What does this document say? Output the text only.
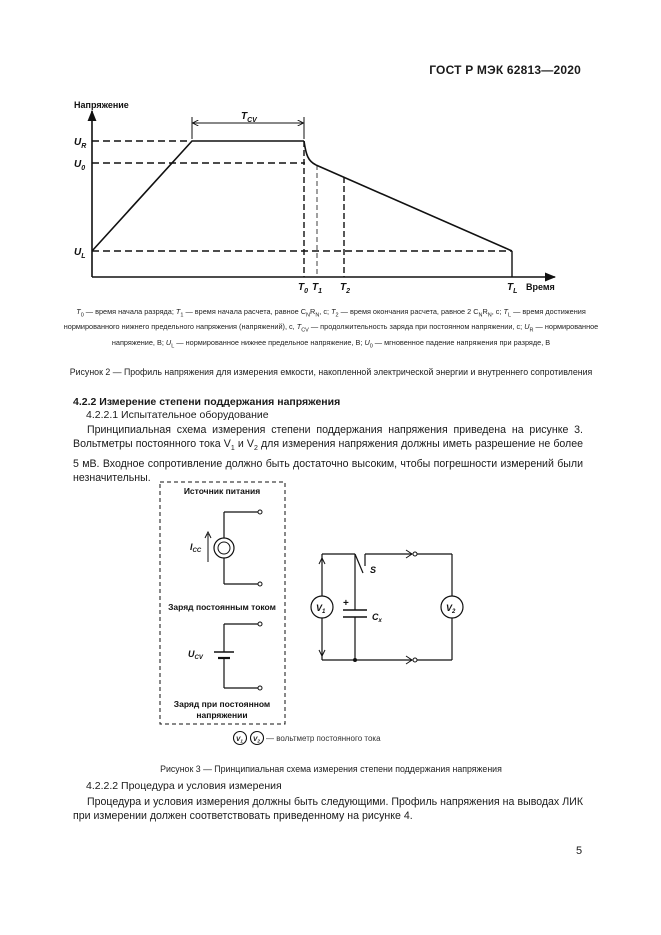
ГОСТ Р МЭК 62813—2020
Напряжение
Время
$T_{CV}$
$U_R$
$U_0$
$U_L$
$T_0$ $T_1$ $T_2$	$T_L$
$T_0$ — время начала разряда; $T_1$ — время начала расчета, равное $C_NR_N$, с; $T_2$ — время окончания расчета, равное 2 $C_NR_N$, с; $T_L$ — время достижения нормированного нижнего предельного напряжения (напряжений), с, $T_{CV}$ — продолжительность заряда при постоянном напряжении, с; $U_R$ — нормированное напряжение, В; $U_L$ — нормированное нижнее предельное напряжение, В; $U_0$ — мгновенное падение напряжения при разряде, В
Рисунок 2 — Профиль напряжения для измерения емкости, накопленной электрической энергии и внутреннего сопротивления
4.2.2 Измерение степени поддержания напряжения
4.2.2.1 Испытательное оборудование
Принципиальная схема измерения степени поддержания напряжения приведена на рисунке 3. Вольтметры постоянного тока $V_1$ и $V_2$ для измерения напряжения должны иметь разрешение не более 5 мВ. Входное сопротивление должно быть достаточно высоким, чтобы погрешности измерений были незначительны.
Источник питания
$I_{CC}$
Заряд постоянным током
$U_{CV}$
Заряд при постоянном
напряжении
S
+
$C_x$
$V_1$	$V_2$
$V_1$ $V_2$ — вольтметр постоянного тока
Рисунок 3 — Принципиальная схема измерения степени поддержания напряжения
4.2.2.2 Процедура и условия измерения
Процедура и условия измерения должны быть следующими. Профиль напряжения на выводах ЛИК при измерении должен соответствовать приведенному на рисунке 4.
5
